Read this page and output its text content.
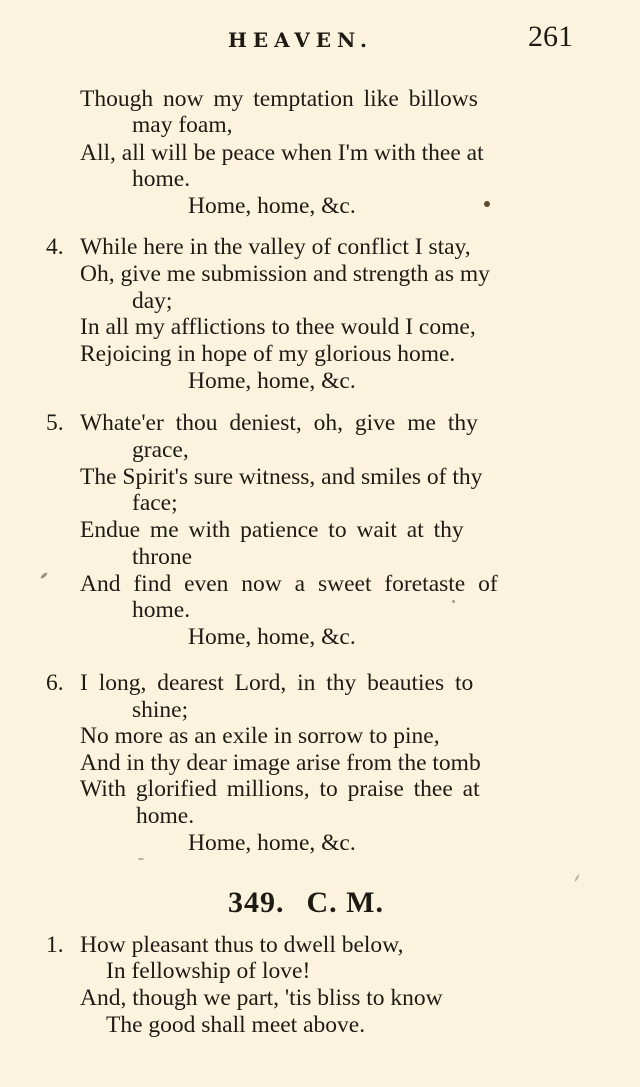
HEAVEN.	261
Though now my temptation like billows
may foam,
All, all will be peace when I'm with thee at
home.
Home, home, &c.
4. While here in the valley of conflict I stay,
Oh, give me submission and strength as my
day;
In all my afflictions to thee would I come,
Rejoicing in hope of my glorious home.
Home, home, &c.
5. Whate'er thou deniest, oh, give me thy
grace,
The Spirit's sure witness, and smiles of thy
face;
Endue me with patience to wait at thy
throne
And find even now a sweet foretaste of
home.
Home, home, &c.
6. I long, dearest Lord, in thy beauties to
shine;
No more as an exile in sorrow to pine,
And in thy dear image arise from the tomb
With glorified millions, to praise thee at
home.
Home, home, &c.
349. C. M.
1. How pleasant thus to dwell below,
In fellowship of love!
And, though we part, 'tis bliss to know
The good shall meet above.
